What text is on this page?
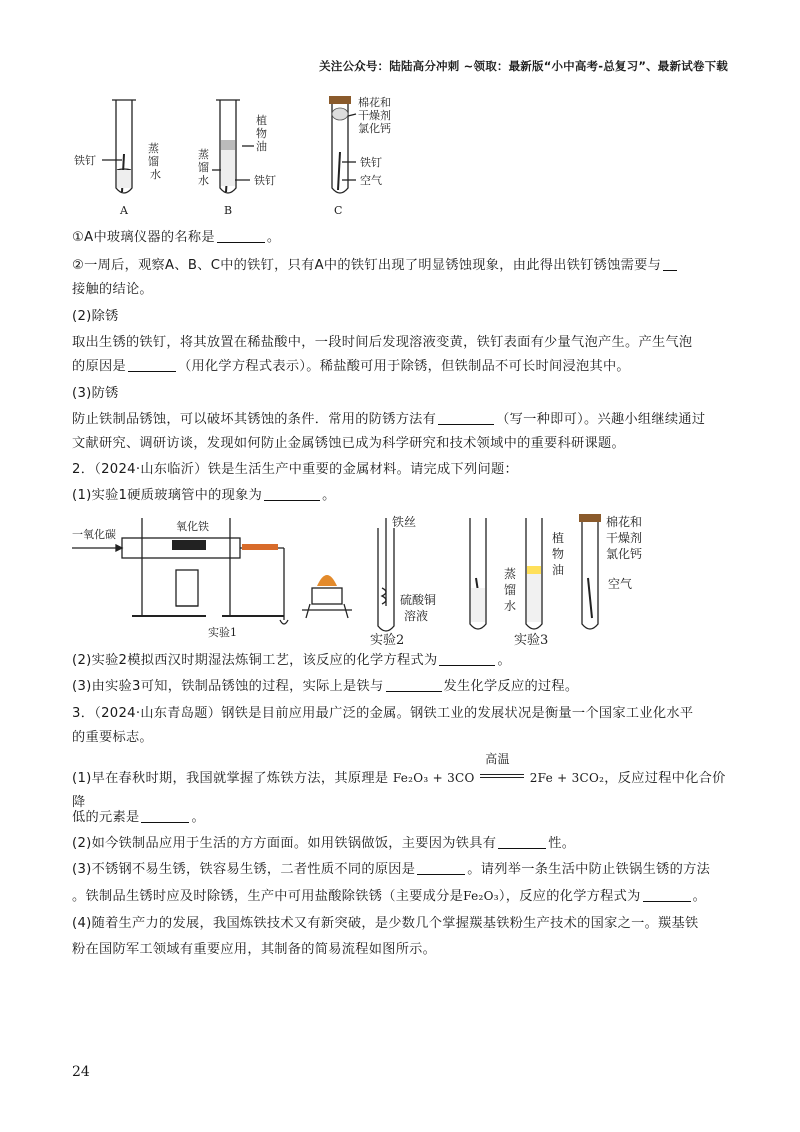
关注公众号：陆陆高分冲刺 ~领取：最新版“小中高考-总复习”、最新试卷下载
铁钉
蒸
馏
水
A
植
物
油
蒸
馏
水	铁钉
B
棉花和
干燥剂
氯化钙
铁钉
空气
C
①A中玻璃仪器的名称是	。
②一周后，观察A、B、C中的铁钉，只有A中的铁钉出现了明显锈蚀现象，由此得出铁钉锈蚀需要与
接触的结论。
(2)除锈
取出生锈的铁钉，将其放置在稀盐酸中，一段时间后发现溶液变黄，铁钉表面有少量气泡产生。产生气泡
的原因是	（用化学方程式表示）。稀盐酸可用于除锈，但铁制品不可长时间浸泡其中。
(3)防锈
防止铁制品锈蚀，可以破坏其锈蚀的条件．常用的防锈方法有	（写一种即可）。兴趣小组继续通过
文献研究、调研访谈，发现如何防止金属锈蚀已成为科学研究和技术领域中的重要科研课题。
2．（2024·山东临沂）铁是生活生产中重要的金属材料。请完成下列问题：
(1)实验1硬质玻璃管中的现象为	。
一氧化碳
氧化铁
实验1
铁丝
硫酸铜
溶液
实验2
蒸
馏
水
植
物
油
棉花和
干燥剂
氯化钙
空气
实验3
(2)实验2模拟西汉时期湿法炼铜工艺，该反应的化学方程式为	。
(3)由实验3可知，铁制品锈蚀的过程，实际上是铁与	发生化学反应的过程。
3．（2024·山东青岛题）钢铁是目前应用最广泛的金属。钢铁工业的发展状况是衡量一个国家工业化水平
的重要标志。
(1)早在春秋时期，我国就掌握了炼铁方法，其原理是 Fe₂O₃ + 3CO
高温
2Fe + 3CO₂，反应过程中化合价降
低的元素是	。
(2)如今铁制品应用于生活的方方面面。如用铁锅做饭，主要因为铁具有	性。
(3)不锈钢不易生锈，铁容易生锈，二者性质不同的原因是	。请列举一条生活中防止铁锅生锈的方法
。铁制品生锈时应及时除锈，生产中可用盐酸除铁锈（主要成分是Fe₂O₃），反应的化学方程式为	。
(4)随着生产力的发展，我国炼铁技术又有新突破，是少数几个掌握羰基铁粉生产技术的国家之一。羰基铁
粉在国防军工领域有重要应用，其制备的简易流程如图所示。
24
